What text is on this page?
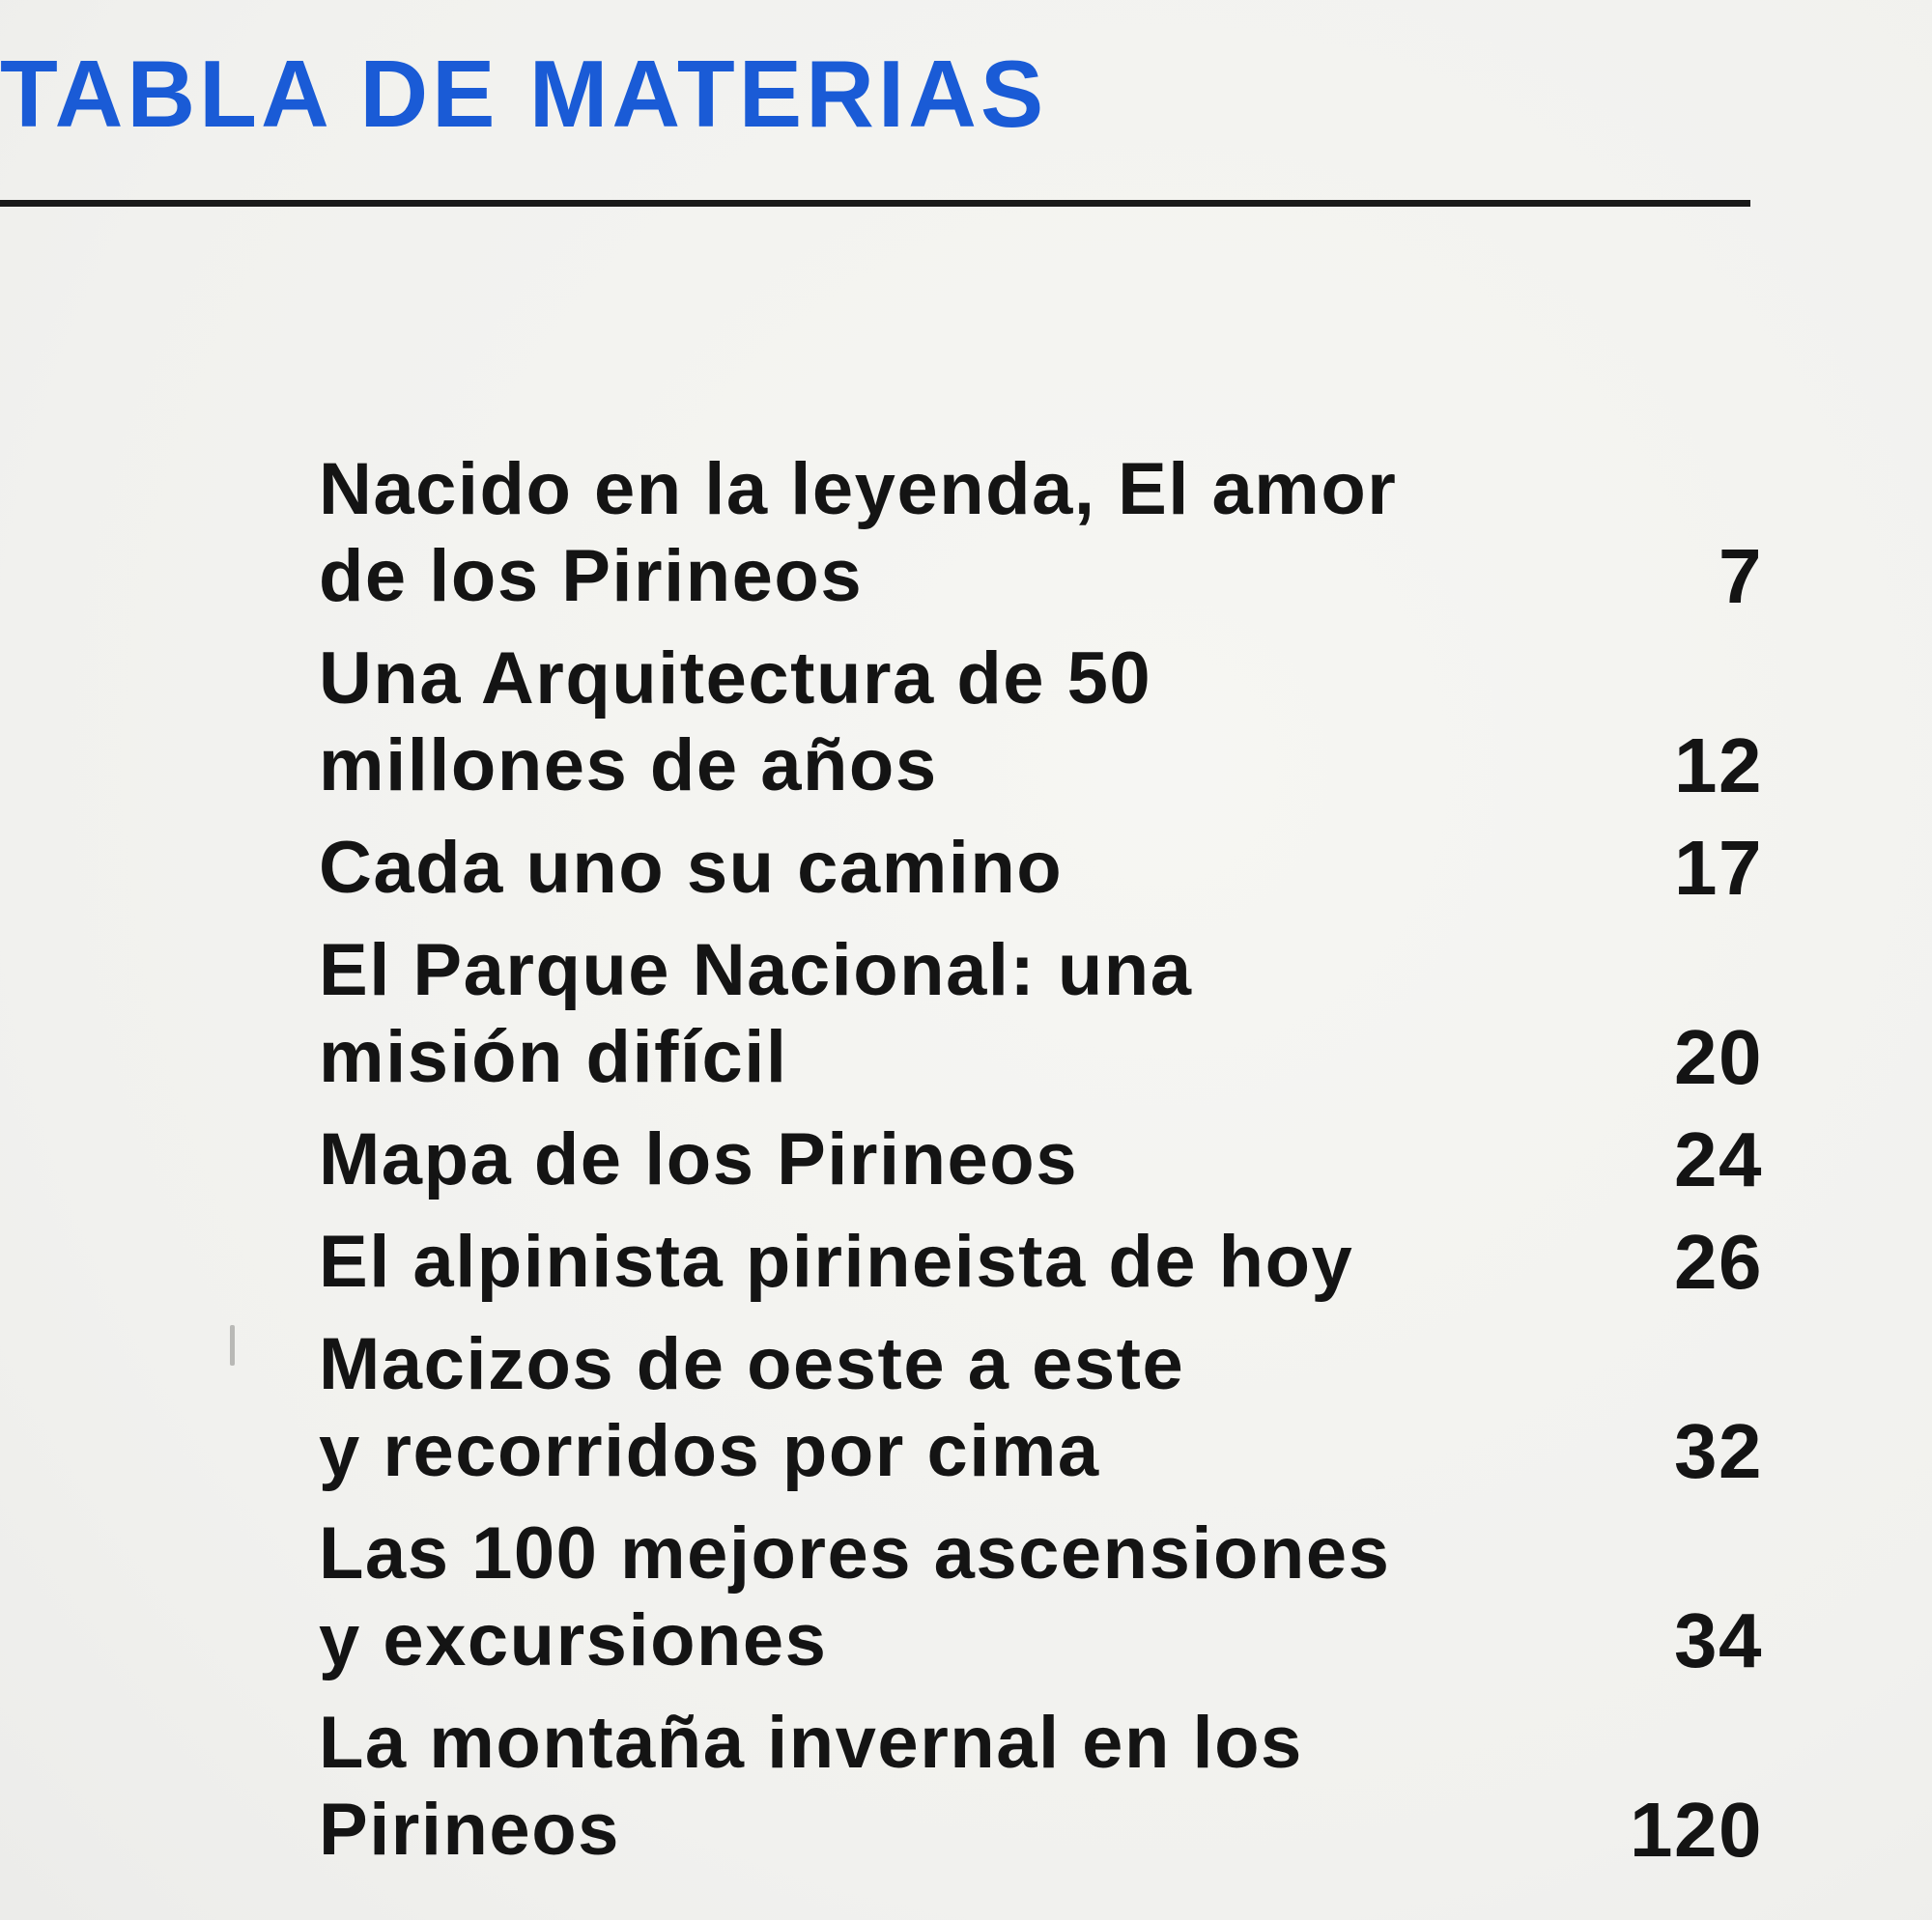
TABLA DE MATERIAS
Nacido en la leyenda, El amor
de los Pirineos	7
Una Arquitectura de 50
millones de años	12
Cada uno su camino	17
El Parque Nacional: una
misión difícil	20
Mapa de los Pirineos	24
El alpinista pirineista de hoy	26
Macizos de oeste a este
y recorridos por cima	32
Las 100 mejores ascensiones
y excursiones	34
La montaña invernal en los
Pirineos	120
